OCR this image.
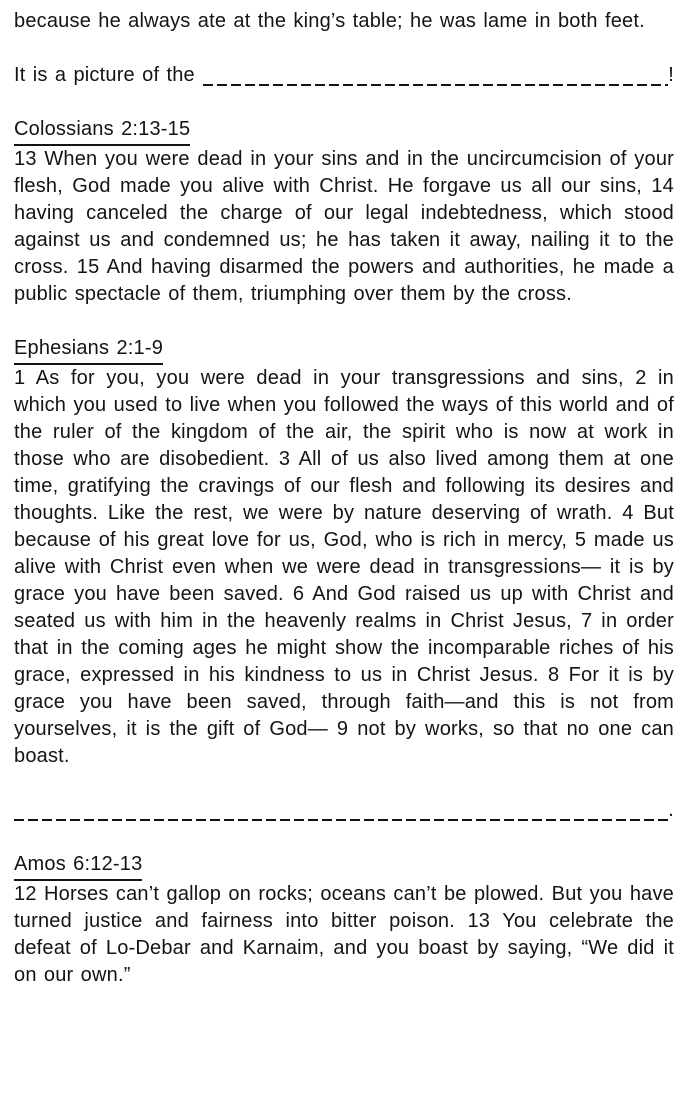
because he always ate at the king’s table; he was lame in both feet.

It is a picture of the	!
Colossians 2:13-15

13 When you were dead in your sins and in the uncircumcision of your flesh, God made you alive with Christ. He forgave us all our sins, 14 having canceled the charge of our legal indebtedness, which stood against us and condemned us; he has taken it away, nailing it to the cross. 15 And having disarmed the powers and authorities, he made a public spectacle of them, triumphing over them by the cross.

Ephesians 2:1-9

1 As for you, you were dead in your transgressions and sins, 2 in which you used to live when you followed the ways of this world and of the ruler of the kingdom of the air, the spirit who is now at work in those who are disobedient. 3 All of us also lived among them at one time, gratifying the cravings of our flesh and following its desires and thoughts. Like the rest, we were by nature deserving of wrath. 4 But because of his great love for us, God, who is rich in mercy, 5 made us alive with Christ even when we were dead in transgressions— it is by grace you have been saved. 6 And God raised us up with Christ and seated us with him in the heavenly realms in Christ Jesus, 7 in order that in the coming ages he might show the incomparable riches of his grace, expressed in his kindness to us in Christ Jesus. 8 For it is by grace you have been saved, through faith—and this is not from yourselves, it is the gift of God— 9 not by works, so that no one can boast.

.
Amos 6:12-13

12 Horses can’t gallop on rocks; oceans can’t be plowed. But you have turned justice and fairness into bitter poison. 13 You celebrate the defeat of Lo-Debar and Karnaim, and you boast by saying, “We did it on our own.”
